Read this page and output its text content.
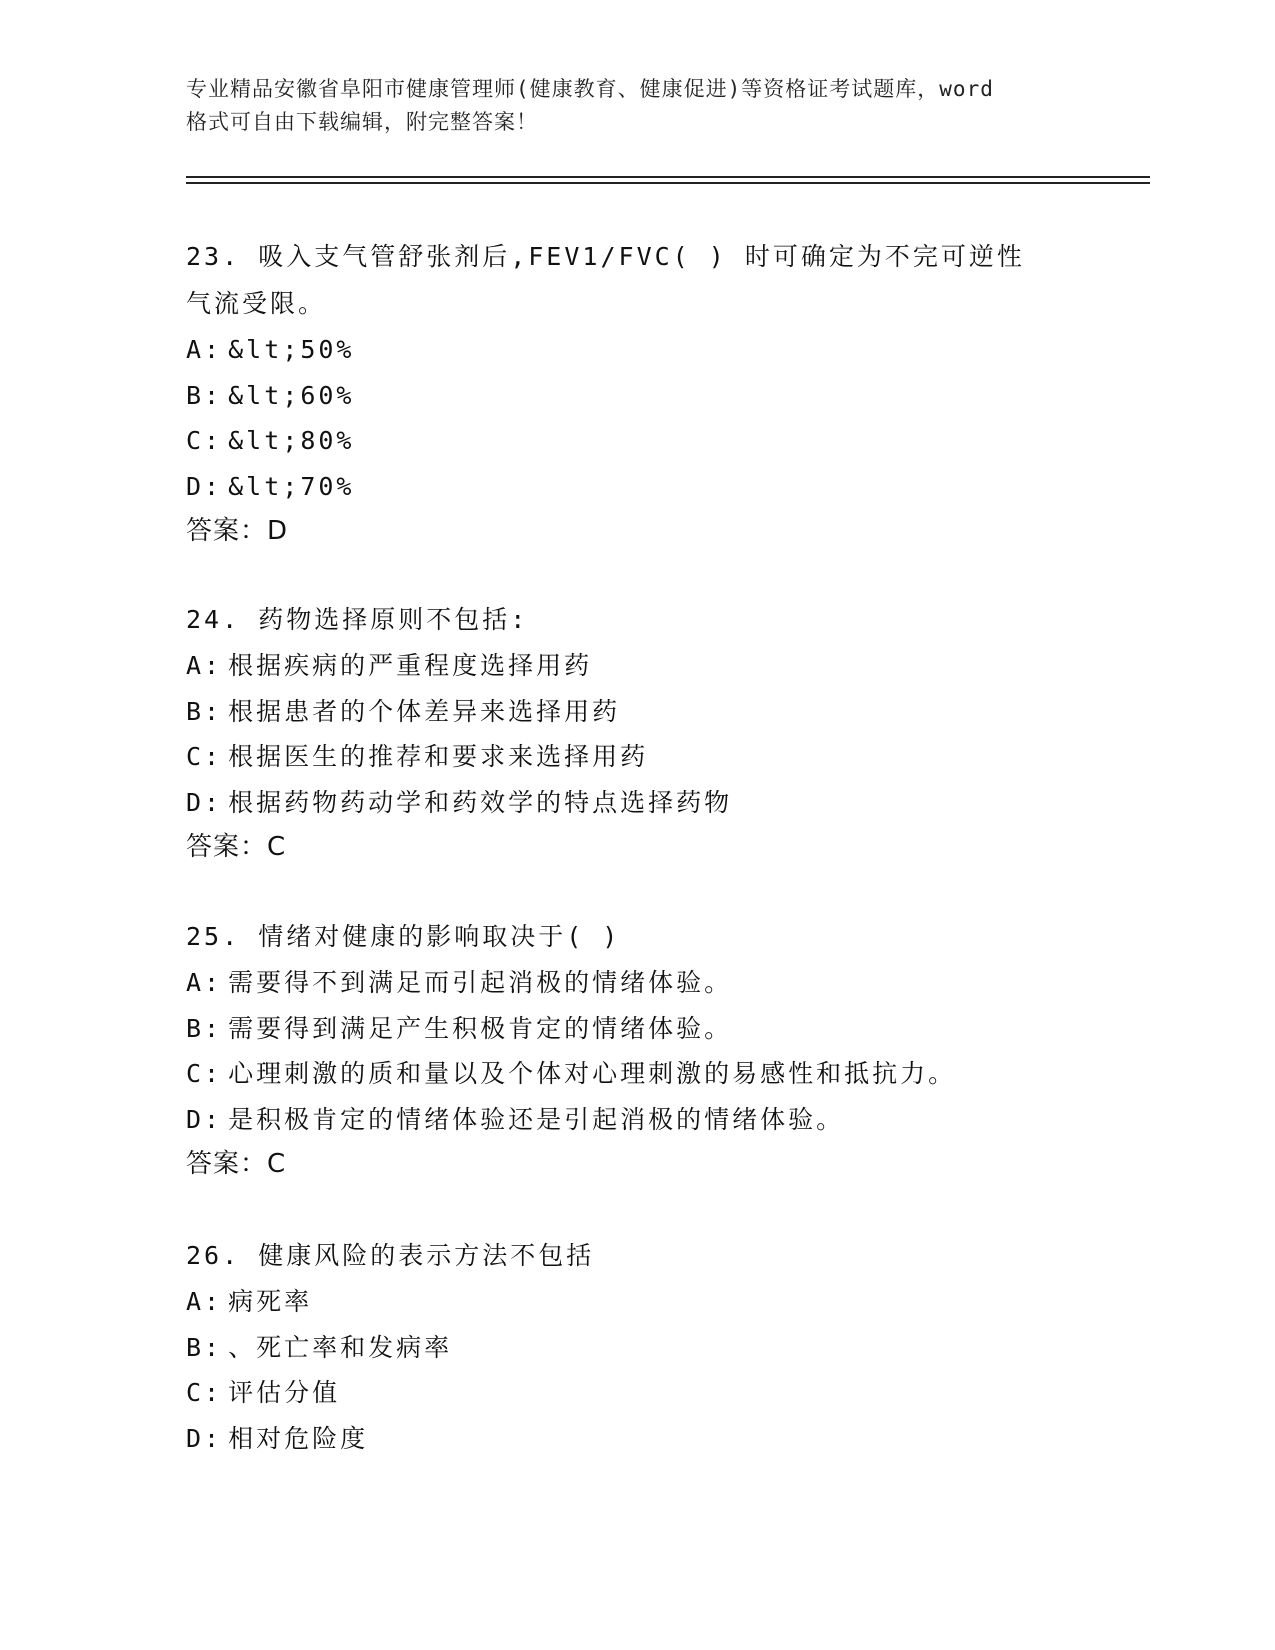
专业精品安徽省阜阳市健康管理师(健康教育、健康促进)等资格证考试题库，word
格式可自由下载编辑，附完整答案！

23. 吸入支气管舒张剂后,FEV1/FVC( ) 时可确定为不完可逆性气流受限。

A: &lt;50%

B: &lt;60%

C: &lt;80%

D: &lt;70%

答案：D

24. 药物选择原则不包括:

A: 根据疾病的严重程度选择用药

B: 根据患者的个体差异来选择用药

C: 根据医生的推荐和要求来选择用药

D: 根据药物药动学和药效学的特点选择药物

答案：C

25. 情绪对健康的影响取决于( )

A: 需要得不到满足而引起消极的情绪体验。

B: 需要得到满足产生积极肯定的情绪体验。

C: 心理刺激的质和量以及个体对心理刺激的易感性和抵抗力。

D: 是积极肯定的情绪体验还是引起消极的情绪体验。

答案：C

26. 健康风险的表示方法不包括

A: 病死率

B: 、死亡率和发病率

C: 评估分值

D: 相对危险度
